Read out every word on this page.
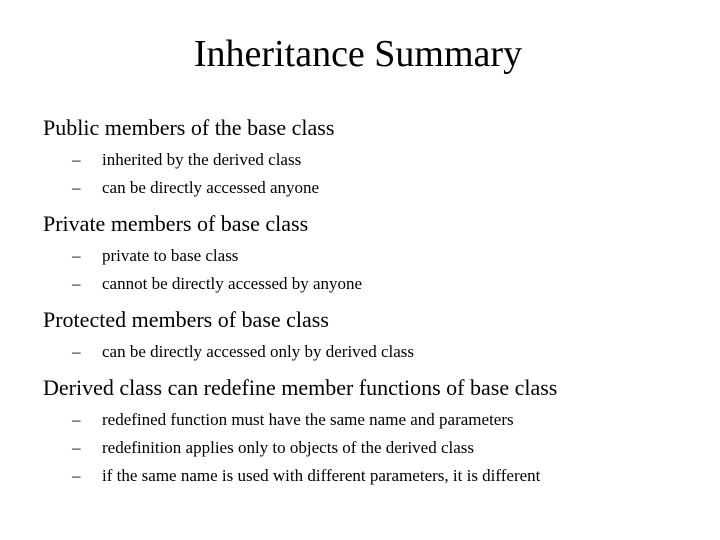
Inheritance Summary
Public members of the base class
– inherited by the derived class
– can be directly accessed anyone
Private members of base class
– private to base class
– cannot be directly accessed by anyone
Protected members of base class
– can be directly accessed only by derived class
Derived class can redefine member functions of base class
– redefined function must have the same name and parameters
– redefinition applies only to objects of the derived class
– if the same name is used with different parameters, it is different
